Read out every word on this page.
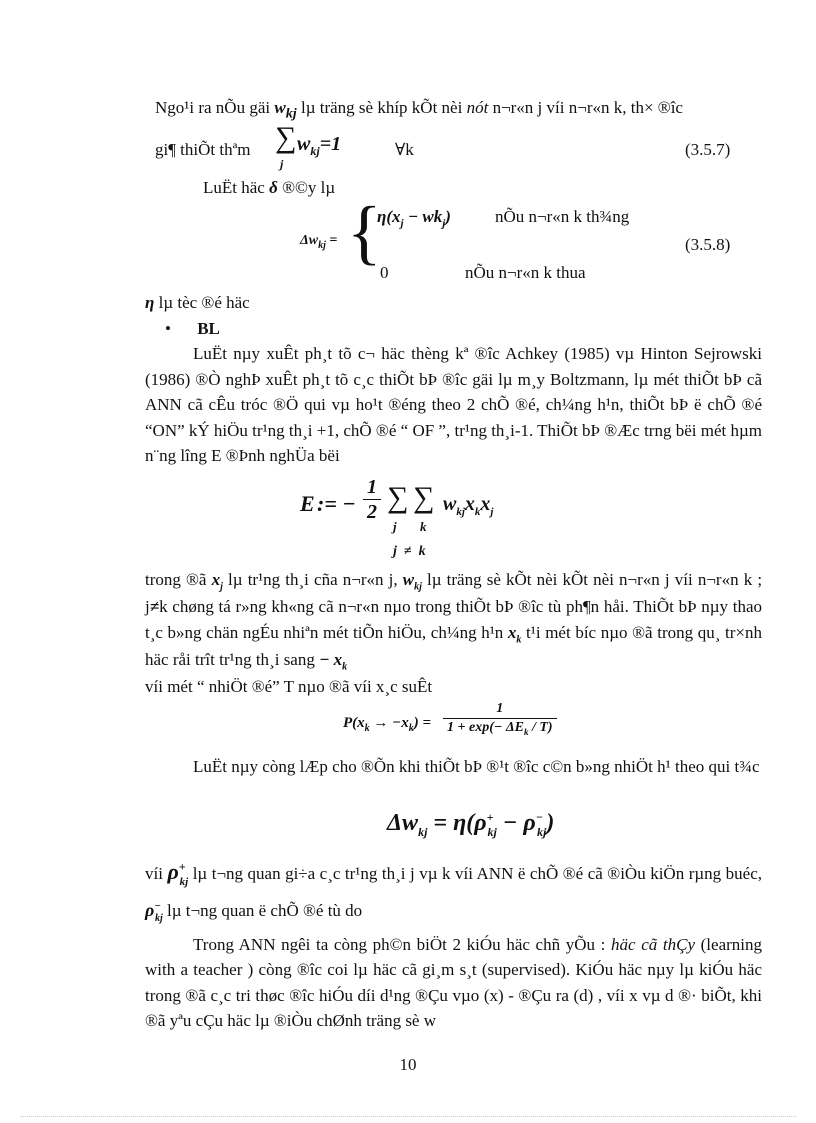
Ngo¹i ra nÕu gäi $w_{kj}$ lµ träng sè khíp kÕt nèi nót n¬r«n j víi n¬r«n k, th× ®îc

gi¶ thiÕt thªm ∑
j
$w_{kj}=1$	∀k	(3.5.7)

LuËt häc δ ®©y lµ

$\Delta w_{kj}$ = {
$\eta(x_j - wk_j)$	nÕu n¬r«n k th¾ng
(3.5.8)
0	nÕu n¬r«n k thua

η lµ tèc ®é häc

• BL

LuËt nµy xuÊt ph¸t tõ c¬ häc thèng kª ®îc Achkey (1985) vµ Hinton Sejrowski (1986) ®Ò nghÞ xuÊt ph¸t tõ c¸c thiÕt bÞ ®îc gäi lµ m¸y Boltzmann, lµ mét thiÕt bÞ cã ANN cã cÊu tróc ®Ö qui vµ ho¹t ®éng theo 2 chÕ ®é, ch¼ng h¹n, thiÕt bÞ ë chÕ ®é “ON” kÝ hiÖu tr¹ng th¸i +1, chÕ ®é “ OF ”, tr¹ng th¸i-1. ThiÕt bÞ ®Æc trng bëi mét hµm n¨ng lîng E ®Þnh nghÜa bëi

E := − $\frac{1}{2}$ ∑
j
∑
k
$w_{kj}x_kx_j$
j  ≠  k

trong ®ã $x_j$ lµ tr¹ng th¸i cña n¬r«n j, $w_{kj}$ lµ träng sè kÕt nèi kÕt nèi n¬r«n j víi n¬r«n k ; j≠k chøng tá r»ng kh«ng cã n¬r«n nµo trong thiÕt bÞ ®îc tù ph¶n håi. ThiÕt bÞ nµy thao t¸c b»ng chän ngÉu nhiªn mét tiÕn hiÖu, ch¼ng h¹n $x_k$ t¹i mét bíc nµo ®ã trong qu¸ tr×nh häc råi trît tr¹ng th¸i sang − $x_k$

víi mét “ nhiÖt ®é” T nµo ®ã víi x¸c suÊt

$P(x_k \to -x_k)$ =
1
$1 + \exp(- \Delta E_k / T)$

LuËt nµy còng lÆp cho ®Õn khi thiÕt bÞ ®¹t ®îc c©n b»ng nhiÖt h¹ theo qui t¾c

$\Delta w_{kj} = \eta(\rho^+_{kj} - \rho^-_{kj})$

víi $\rho^+_{kj}$ lµ t¬ng quan gi÷a c¸c tr¹ng th¸i j vµ k víi ANN ë chÕ ®é cã ®iÒu kiÖn rµng buéc, $\rho^-_{kj}$ lµ t¬ng quan ë chÕ ®é tù do

Trong ANN ngêi ta còng ph©n biÖt 2 kiÓu häc chñ yÕu : häc cã thÇy (learning with a teacher ) còng ®îc coi lµ häc cã gi¸m s¸t (supervised). KiÓu häc nµy lµ kiÓu häc trong ®ã c¸c tri thøc ®îc hiÓu díi d¹ng ®Çu vµo (x) - ®Çu ra (d) , víi x vµ d ®· biÕt, khi ®ã yªu cÇu häc lµ ®iÒu chØnh träng sè w

10
